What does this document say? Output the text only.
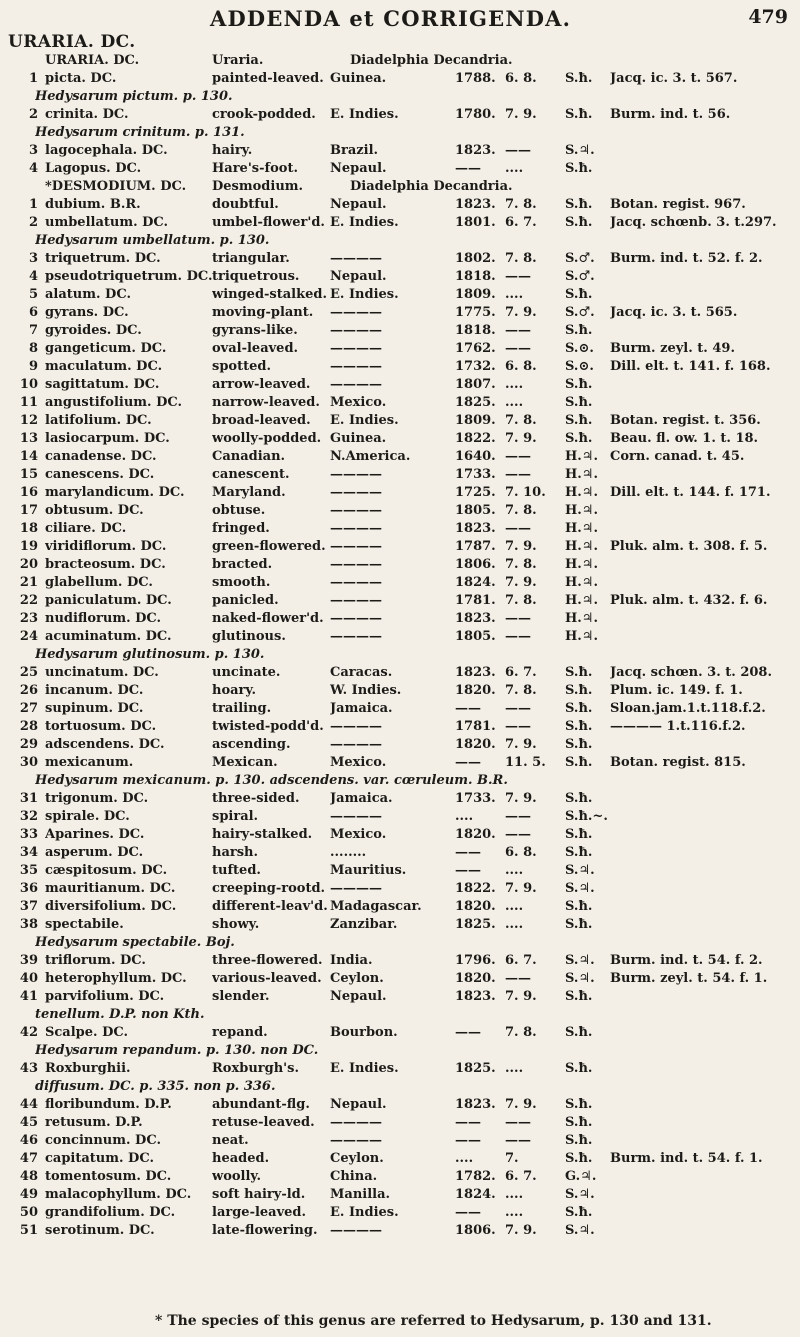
URARIA. DC.
ADDENDA et CORRIGENDA.	479
URARIA. DC.	Uraria.	Diadelphia Decandria.
1 picta. DC.	painted-leaved. Guinea.	1788. 6. 8.	S.ħ.	Jacq. ic. 3. t. 567.
Hedysarum pictum. p. 130.
2 crinita. DC.	crook-podded.	E. Indies.	1780. 7. 9.	S.ħ.	Burm. ind. t. 56.
Hedysarum crinitum. p. 131.
3 lagocephala. DC.	hairy.	Brazil.	1823. ——	S.♃.
4 Lagopus. DC.	Hare's-foot.	Nepaul.	——	....	S.ħ.
*DESMODIUM. DC.	Desmodium.	Diadelphia Decandria.
1 dubium. B.R.	doubtful.	Nepaul.	1823. 7. 8.	S.ħ.	Botan. regist. 967.
2 umbellatum. DC.	umbel-flower'd. E. Indies.	1801. 6. 7.	S.ħ.	Jacq. schœnb. 3. t.297.
Hedysarum umbellatum. p. 130.
3 triquetrum. DC.	triangular.	————	1802. 7. 8.	S.♂.	Burm. ind. t. 52. f. 2.
4 pseudotriquetrum. DC. triquetrous.	Nepaul.	1818. ——	S.♂.
5 alatum. DC.	winged-stalked. E. Indies.	1809. ....	S.ħ.
6 gyrans. DC.	moving-plant.	————	1775. 7. 9.	S.♂.	Jacq. ic. 3. t. 565.
7 gyroides. DC.	gyrans-like.	————	1818. ——	S.ħ.
8 gangeticum. DC.	oval-leaved.	————	1762. ——	S.⊙.	Burm. zeyl. t. 49.
9 maculatum. DC.	spotted.	————	1732. 6. 8.	S.⊙.	Dill. elt. t. 141. f. 168.
10 sagittatum. DC.	arrow-leaved.	————	1807. ....	S.ħ.
11 angustifolium. DC.	narrow-leaved. Mexico.	1825. ....	S.ħ.
12 latifolium. DC.	broad-leaved.	E. Indies.	1809. 7. 8.	S.ħ.	Botan. regist. t. 356.
13 lasiocarpum. DC.	woolly-podded. Guinea.	1822. 7. 9.	S.ħ.	Beau. fl. ow. 1. t. 18.
14 canadense. DC.	Canadian.	N.America.	1640. ——	H.♃. Corn. canad. t. 45.
15 canescens. DC.	canescent.	————	1733. ——	H.♃.
16 marylandicum. DC.	Maryland.	————	1725. 7. 10.	H.♃. Dill. elt. t. 144. f. 171.
17 obtusum. DC.	obtuse.	————	1805. 7. 8.	H.♃.
18 ciliare. DC.	fringed.	————	1823. ——	H.♃.
19 viridiflorum. DC.	green-flowered. ————	1787. 7. 9.	H.♃. Pluk. alm. t. 308. f. 5.
20 bracteosum. DC.	bracted.	————	1806. 7. 8.	H.♃.
21 glabellum. DC.	smooth.	————	1824. 7. 9.	H.♃.
22 paniculatum. DC.	panicled.	————	1781. 7. 8.	H.♃. Pluk. alm. t. 432. f. 6.
23 nudiflorum. DC.	naked-flower'd. ————	1823. ——	H.♃.
24 acuminatum. DC.	glutinous.	————	1805. ——	H.♃.
Hedysarum glutinosum. p. 130.
25 uncinatum. DC.	uncinate.	Caracas.	1823. 6. 7.	S.ħ.	Jacq. schœn. 3. t. 208.
26 incanum. DC.	hoary.	W. Indies.	1820. 7. 8.	S.ħ.	Plum. ic. 149. f. 1.
27 supinum. DC.	trailing.	Jamaica.	——	——	S.ħ.	Sloan.jam.1.t.118.f.2.
28 tortuosum. DC.	twisted-podd'd. ————	1781. ——	S.ħ.	———— 1.t.116.f.2.
29 adscendens. DC.	ascending.	————	1820. 7. 9.	S.ħ.
30 mexicanum.	Mexican.	Mexico.	——	11. 5.	S.ħ.	Botan. regist. 815.
Hedysarum mexicanum. p. 130. adscendens. var. cœruleum. B.R.
31 trigonum. DC.	three-sided.	Jamaica.	1733. 7. 9.	S.ħ.
32 spirale. DC.	spiral.	————	....	——	S.ħ.~.
33 Aparines. DC.	hairy-stalked.	Mexico.	1820. ——	S.ħ.
34 asperum. DC.	harsh.	........	——	6. 8.	S.ħ.
35 cæspitosum. DC.	tufted.	Mauritius.	——	....	S.♃.
36 mauritianum. DC.	creeping-rootd. ————	1822. 7. 9.	S.♃.
37 diversifolium. DC.	different-leav'd. Madagascar.	1820. ....	S.ħ.
38 spectabile.	showy.	Zanzibar.	1825. ....	S.ħ.
Hedysarum spectabile. Boj.
39 triflorum. DC.	three-flowered. India.	1796. 6. 7.	S.♃.	Burm. ind. t. 54. f. 2.
40 heterophyllum. DC.	various-leaved. Ceylon.	1820. ——	S.♃.	Burm. zeyl. t. 54. f. 1.
41 parvifolium. DC.	slender.	Nepaul.	1823. 7. 9.	S.ħ.
tenellum. D.P. non Kth.
42 Scalpe. DC.	repand.	Bourbon.	——	7. 8.	S.ħ.
Hedysarum repandum. p. 130. non DC.
43 Roxburghii.	Roxburgh's.	E. Indies.	1825. ....	S.ħ.
diffusum. DC. p. 335. non p. 336.
44 floribundum. D.P.	abundant-flg.	Nepaul.	1823. 7. 9.	S.ħ.
45 retusum. D.P.	retuse-leaved.	————	——	——	S.ħ.
46 concinnum. DC.	neat.	————	——	——	S.ħ.
47 capitatum. DC.	headed.	Ceylon.	....	7.	S.ħ.	Burm. ind. t. 54. f. 1.
48 tomentosum. DC.	woolly.	China.	1782. 6. 7.	G.♃.
49 malacophyllum. DC.	soft hairy-ld.	Manilla.	1824. ....	S.♃.
50 grandifolium. DC.	large-leaved.	E. Indies.	——	....	S.ħ.
51 serotinum. DC.	late-flowering. ————	1806. 7. 9.	S.♃.
* The species of this genus are referred to Hedysarum, p. 130 and 131.
